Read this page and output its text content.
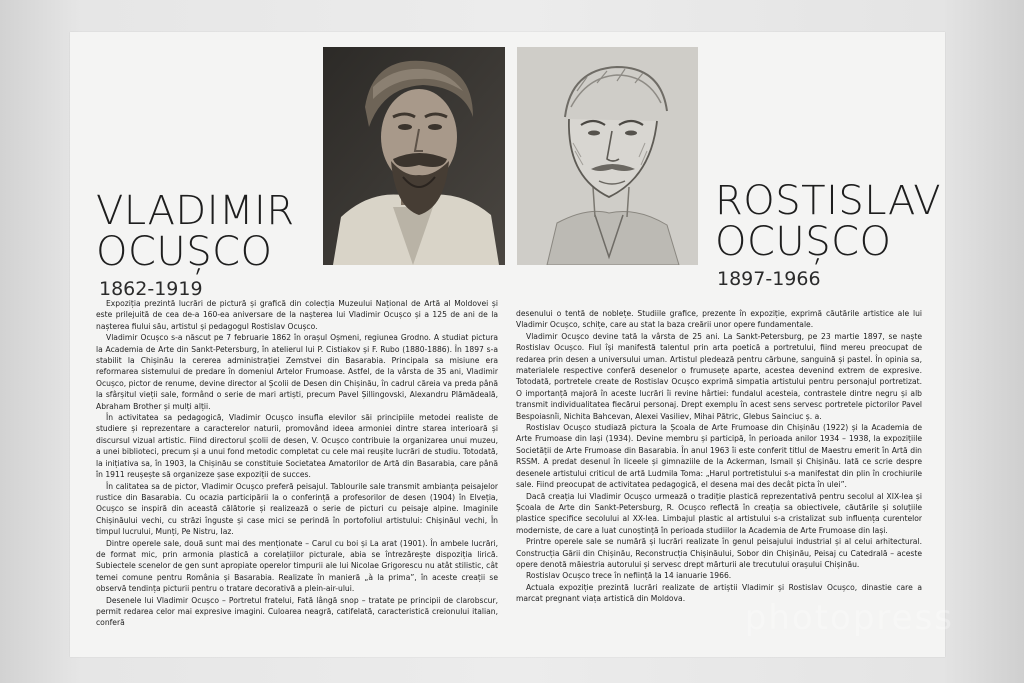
VLADIMIR
OCUȘCO
1862-1919
ROSTISLAV
OCUȘCO
1897-1966

Expoziția prezintă lucrări de pictură și grafică din colecția Muzeului Național de Artă al Moldovei și este prilejuită de cea de-a 160-ea aniversare de la nașterea lui Vladimir Ocușco și a 125 de ani de la nașterea fiului său, artistul și pedagogul Rostislav Ocușco.

Vladimir Ocușco s-a născut pe 7 februarie 1862 în orașul Oșmeni, regiunea Grodno. A studiat pictura la Academia de Arte din Sankt-Petersburg, în atelierul lui P. Cistiakov și F. Rubo (1880-1886). În 1897 s-a stabilit la Chișinău la cererea administrației Zemstvei din Basarabia. Principala sa misiune era reformarea sistemului de predare în domeniul Artelor Frumoase. Astfel, de la vârsta de 35 ani, Vladimir Ocușco, pictor de renume, devine director al Școlii de Desen din Chișinău, în cadrul căreia va preda până la sfârșitul vieții sale, formând o serie de mari artiști, precum Pavel Șillingovski, Alexandru Plămădeală, Abraham Brother și mulți alții.

În activitatea sa pedagogică, Vladimir Ocușco insufla elevilor săi principiile metodei realiste de studiere și reprezentare a caracterelor naturii, promovând ideea armoniei dintre starea interioară și discursul vizual artistic. Fiind directorul școlii de desen, V. Ocușco contribuie la organizarea unui muzeu, a unei biblioteci, precum și a unui fond metodic completat cu cele mai reușite lucrări de studiu. Totodată, la inițiativa sa, în 1903, la Chișinău se constituie Societatea Amatorilor de Artă din Basarabia, care până în 1911 reușește să organizeze șase expoziții de succes.

În calitatea sa de pictor, Vladimir Ocușco preferă peisajul. Tablourile sale transmit ambianța peisajelor rustice din Basarabia. Cu ocazia participării la o conferință a profesorilor de desen (1904) în Elveția, Ocușco se inspiră din această călătorie și realizează o serie de picturi cu peisaje alpine. Imaginile Chișinăului vechi, cu străzi înguste și case mici se perindă în portofoliul artistului: Chișinăul vechi, În timpul lucrului, Munți, Pe Nistru, Iaz.

Dintre operele sale, două sunt mai des menționate – Carul cu boi și La arat (1901). În ambele lucrări, de format mic, prin armonia plastică a corelațiilor picturale, abia se întrezărește dispoziția lirică. Subiectele scenelor de gen sunt apropiate operelor timpurii ale lui Nicolae Grigorescu nu atât stilistic, cât temei comune pentru România și Basarabia. Realizate în manieră „à la prima”, în aceste creații se observă tendința picturii pentru o tratare decorativă a plein-air-ului.

Desenele lui Vladimir Ocușco – Portretul fratelui, Fată lângă snop – tratate pe principii de clarobscur, permit redarea celor mai expresive imagini. Culoarea neagră, catifelată, caracteristică creionului italian, conferă

desenului o tentă de noblețe. Studiile grafice, prezente în expoziție, exprimă căutările artistice ale lui Vladimir Ocușco, schițe, care au stat la baza creării unor opere fundamentale.

Vladimir Ocușco devine tată la vârsta de 25 ani. La Sankt-Petersburg, pe 23 martie 1897, se naște Rostislav Ocușco. Fiul își manifestă talentul prin arta poetică a portretului, fiind mereu preocupat de redarea prin desen a universului uman. Artistul pledează pentru cărbune, sanguină și pastel. În opinia sa, materialele respective conferă desenelor o frumusețe aparte, acestea devenind extrem de expresive. Totodată, portretele create de Rostislav Ocușco exprimă simpatia artistului pentru personajul portretizat. O importanță majoră în aceste lucrări îi revine hârtiei: fundalul acesteia, contrastele dintre negru și alb transmit individualitatea fiecărui personaj. Drept exemplu în acest sens servesc portretele pictorilor Pavel Bespoiasnîi, Nichita Bahcevan, Alexei Vasiliev, Mihai Pătric, Glebus Sainciuc ș. a.

Rostislav Ocușco studiază pictura la Școala de Arte Frumoase din Chișinău (1922) și la Academia de Arte Frumoase din Iași (1934). Devine membru și participă, în perioada anilor 1934 – 1938, la expozițiile Societății de Arte Frumoase din Basarabia. În anul 1963 îi este conferit titlul de Maestru emerit în Artă din RSSM. A predat desenul în liceele și gimnaziile de la Ackerman, Ismail și Chișinău. Iată ce scrie despre desenele artistului criticul de artă Ludmila Toma: „Harul portretistului s-a manifestat din plin în crochiurile sale. Fiind preocupat de activitatea pedagogică, el desena mai des decât picta în ulei”.

Dacă creația lui Vladimir Ocușco urmează o tradiție plastică reprezentativă pentru secolul al XIX-lea și Școala de Arte din Sankt-Petersburg, R. Ocușco reflectă în creația sa obiectivele, căutările și soluțiile plastice specifice secolului al XX-lea. Limbajul plastic al artistului s-a cristalizat sub influența curentelor moderniste, de care a luat cunoștință în perioada studiilor la Academia de Arte Frumoase din Iași.

Printre operele sale se numără și lucrări realizate în genul peisajului industrial și al celui arhitectural. Construcția Gării din Chișinău, Reconstrucția Chișinăului, Sobor din Chișinău, Peisaj cu Catedrală – aceste opere denotă măiestria autorului și servesc drept mărturii ale trecutului orașului Chișinău.

Rostislav Ocușco trece în neființă la 14 ianuarie 1966.

Actuala expoziție prezintă lucrări realizate de artiștii Vladimir și Rostislav Ocușco, dinastie care a marcat pregnant viața artistică din Moldova.	photopress
